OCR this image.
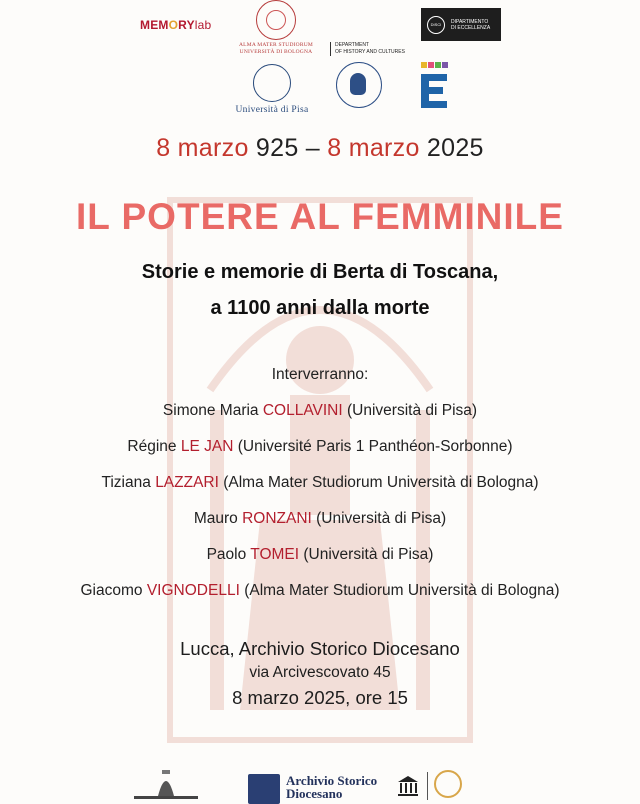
MEMORYlab
ALMA MATER STUDIORUM
UNIVERSITÀ DI BOLOGNA
DEPARTMENT
OF HISTORY AND CULTURES
DISCI	DIPARTIMENTO
DI ECCELLENZA
Università di Pisa
8 marzo 925 – 8 marzo 2025
IL POTERE AL FEMMINILE
Storie e memorie di Berta di Toscana,
a 1100 anni dalla morte
Interverranno:
Simone Maria COLLAVINI (Università di Pisa)
Régine LE JAN (Université Paris 1 Panthéon-Sorbonne)
Tiziana LAZZARI (Alma Mater Studiorum Università di Bologna)
Mauro RONZANI (Università di Pisa)
Paolo TOMEI (Università di Pisa)
Giacomo VIGNODELLI (Alma Mater Studiorum Università di Bologna)
Lucca, Archivio Storico Diocesano
via Arcivescovato 45
8 marzo 2025, ore 15
Archivio Storico
Diocesano
